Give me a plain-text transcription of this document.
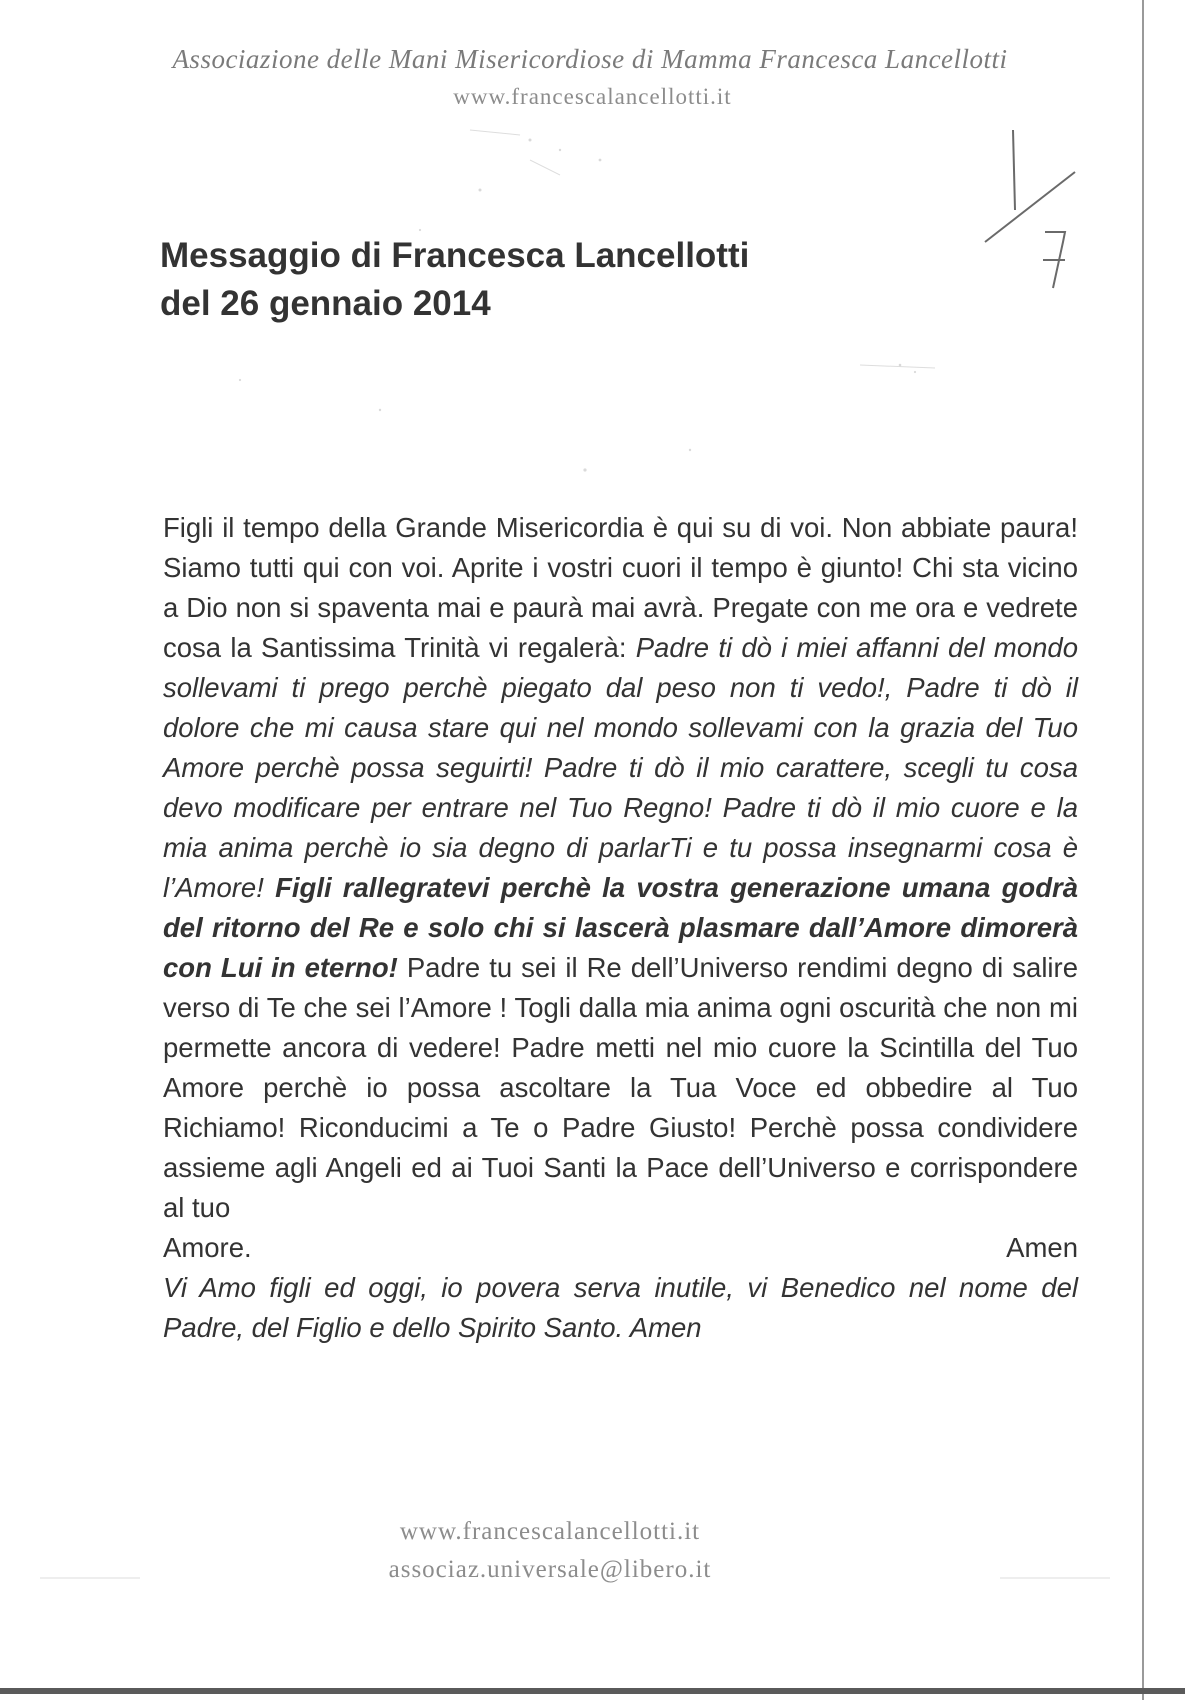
Associazione delle Mani Misericordiose di Mamma Francesca Lancellotti
www.francescalancellotti.it
Messaggio di Francesca Lancellotti
del 26 gennaio 2014

Figli il tempo della Grande Misericordia è qui su di voi. Non abbiate paura! Siamo tutti qui con voi. Aprite i vostri cuori il tempo è giunto! Chi sta vicino a Dio non si spaventa mai e paurà mai avrà. Pregate con me ora e vedrete cosa la Santissima Trinità vi regalerà: Padre ti dò i miei affanni del mondo sollevami ti prego perchè piegato dal peso non ti vedo!, Padre ti dò il dolore che mi causa stare qui nel mondo sollevami con la grazia del Tuo Amore perchè possa seguirti! Padre ti dò il mio carattere, scegli tu cosa devo modificare per entrare nel Tuo Regno! Padre ti dò il mio cuore e la mia anima perchè io sia degno di parlarTi e tu possa insegnarmi cosa è l’Amore! Figli rallegratevi perchè la vostra generazione umana godrà del ritorno del Re e solo chi si lascerà plasmare dall’Amore dimorerà con Lui in eterno! Padre tu sei il Re dell’Universo rendimi degno di salire verso di Te che sei l’Amore ! Togli dalla mia anima ogni oscurità che non mi permette ancora di vedere! Padre metti nel mio cuore la Scintilla del Tuo Amore perchè io possa ascoltare la Tua Voce ed obbedire al Tuo Richiamo! Riconducimi a Te o Padre Giusto! Perchè possa condividere assieme agli Angeli ed ai Tuoi Santi la Pace dell’Universo e corrispondere al tuo

Amore.	Amen

Vi Amo figli ed oggi, io povera serva inutile, vi Benedico nel nome del Padre, del Figlio e dello Spirito Santo. Amen

www.francescalancellotti.it
associaz.universale@libero.it
